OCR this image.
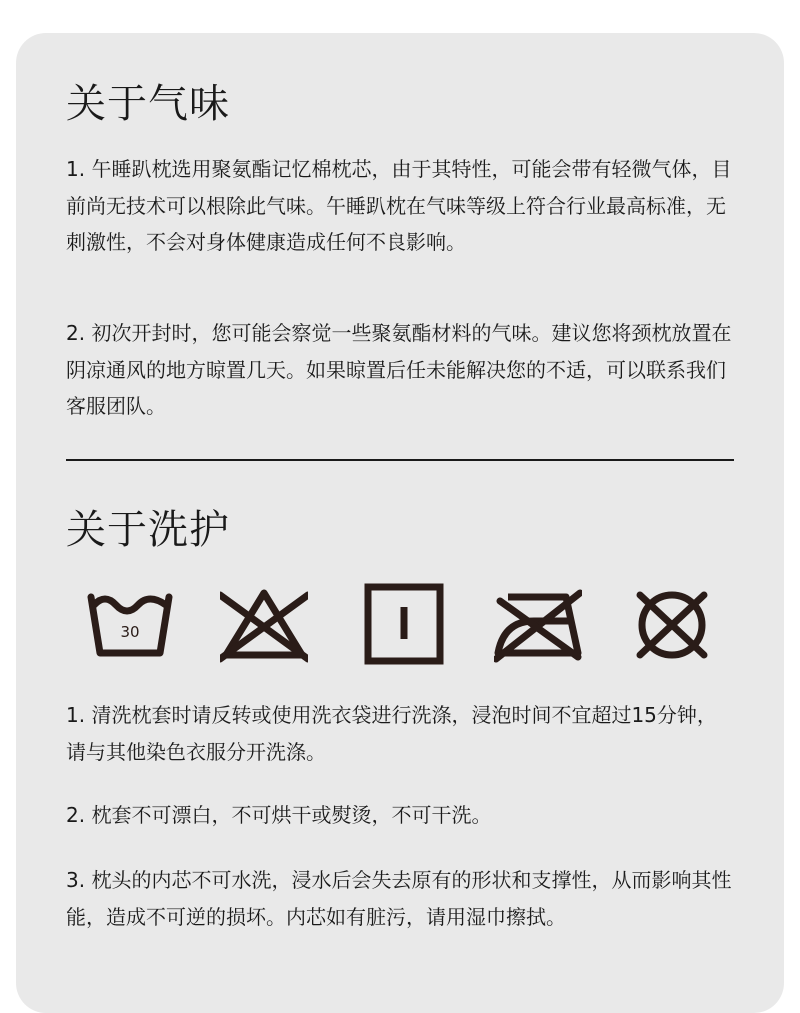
关于气味

1. 午睡趴枕选用聚氨酯记忆棉枕芯，由于其特性，可能会带有轻微气体，目前尚无技术可以根除此气味。午睡趴枕在气味等级上符合行业最高标准，无刺激性，不会对身体健康造成任何不良影响。

2. 初次开封时，您可能会察觉一些聚氨酯材料的气味。建议您将颈枕放置在阴凉通风的地方晾置几天。如果晾置后任未能解决您的不适，可以联系我们客服团队。

关于洗护
30

1. 清洗枕套时请反转或使用洗衣袋进行洗涤，浸泡时间不宜超过15分钟，请与其他染色衣服分开洗涤。

2. 枕套不可漂白，不可烘干或熨烫，不可干洗。

3. 枕头的内芯不可水洗，浸水后会失去原有的形状和支撑性，从而影响其性能，造成不可逆的损坏。内芯如有脏污，请用湿巾擦拭。
